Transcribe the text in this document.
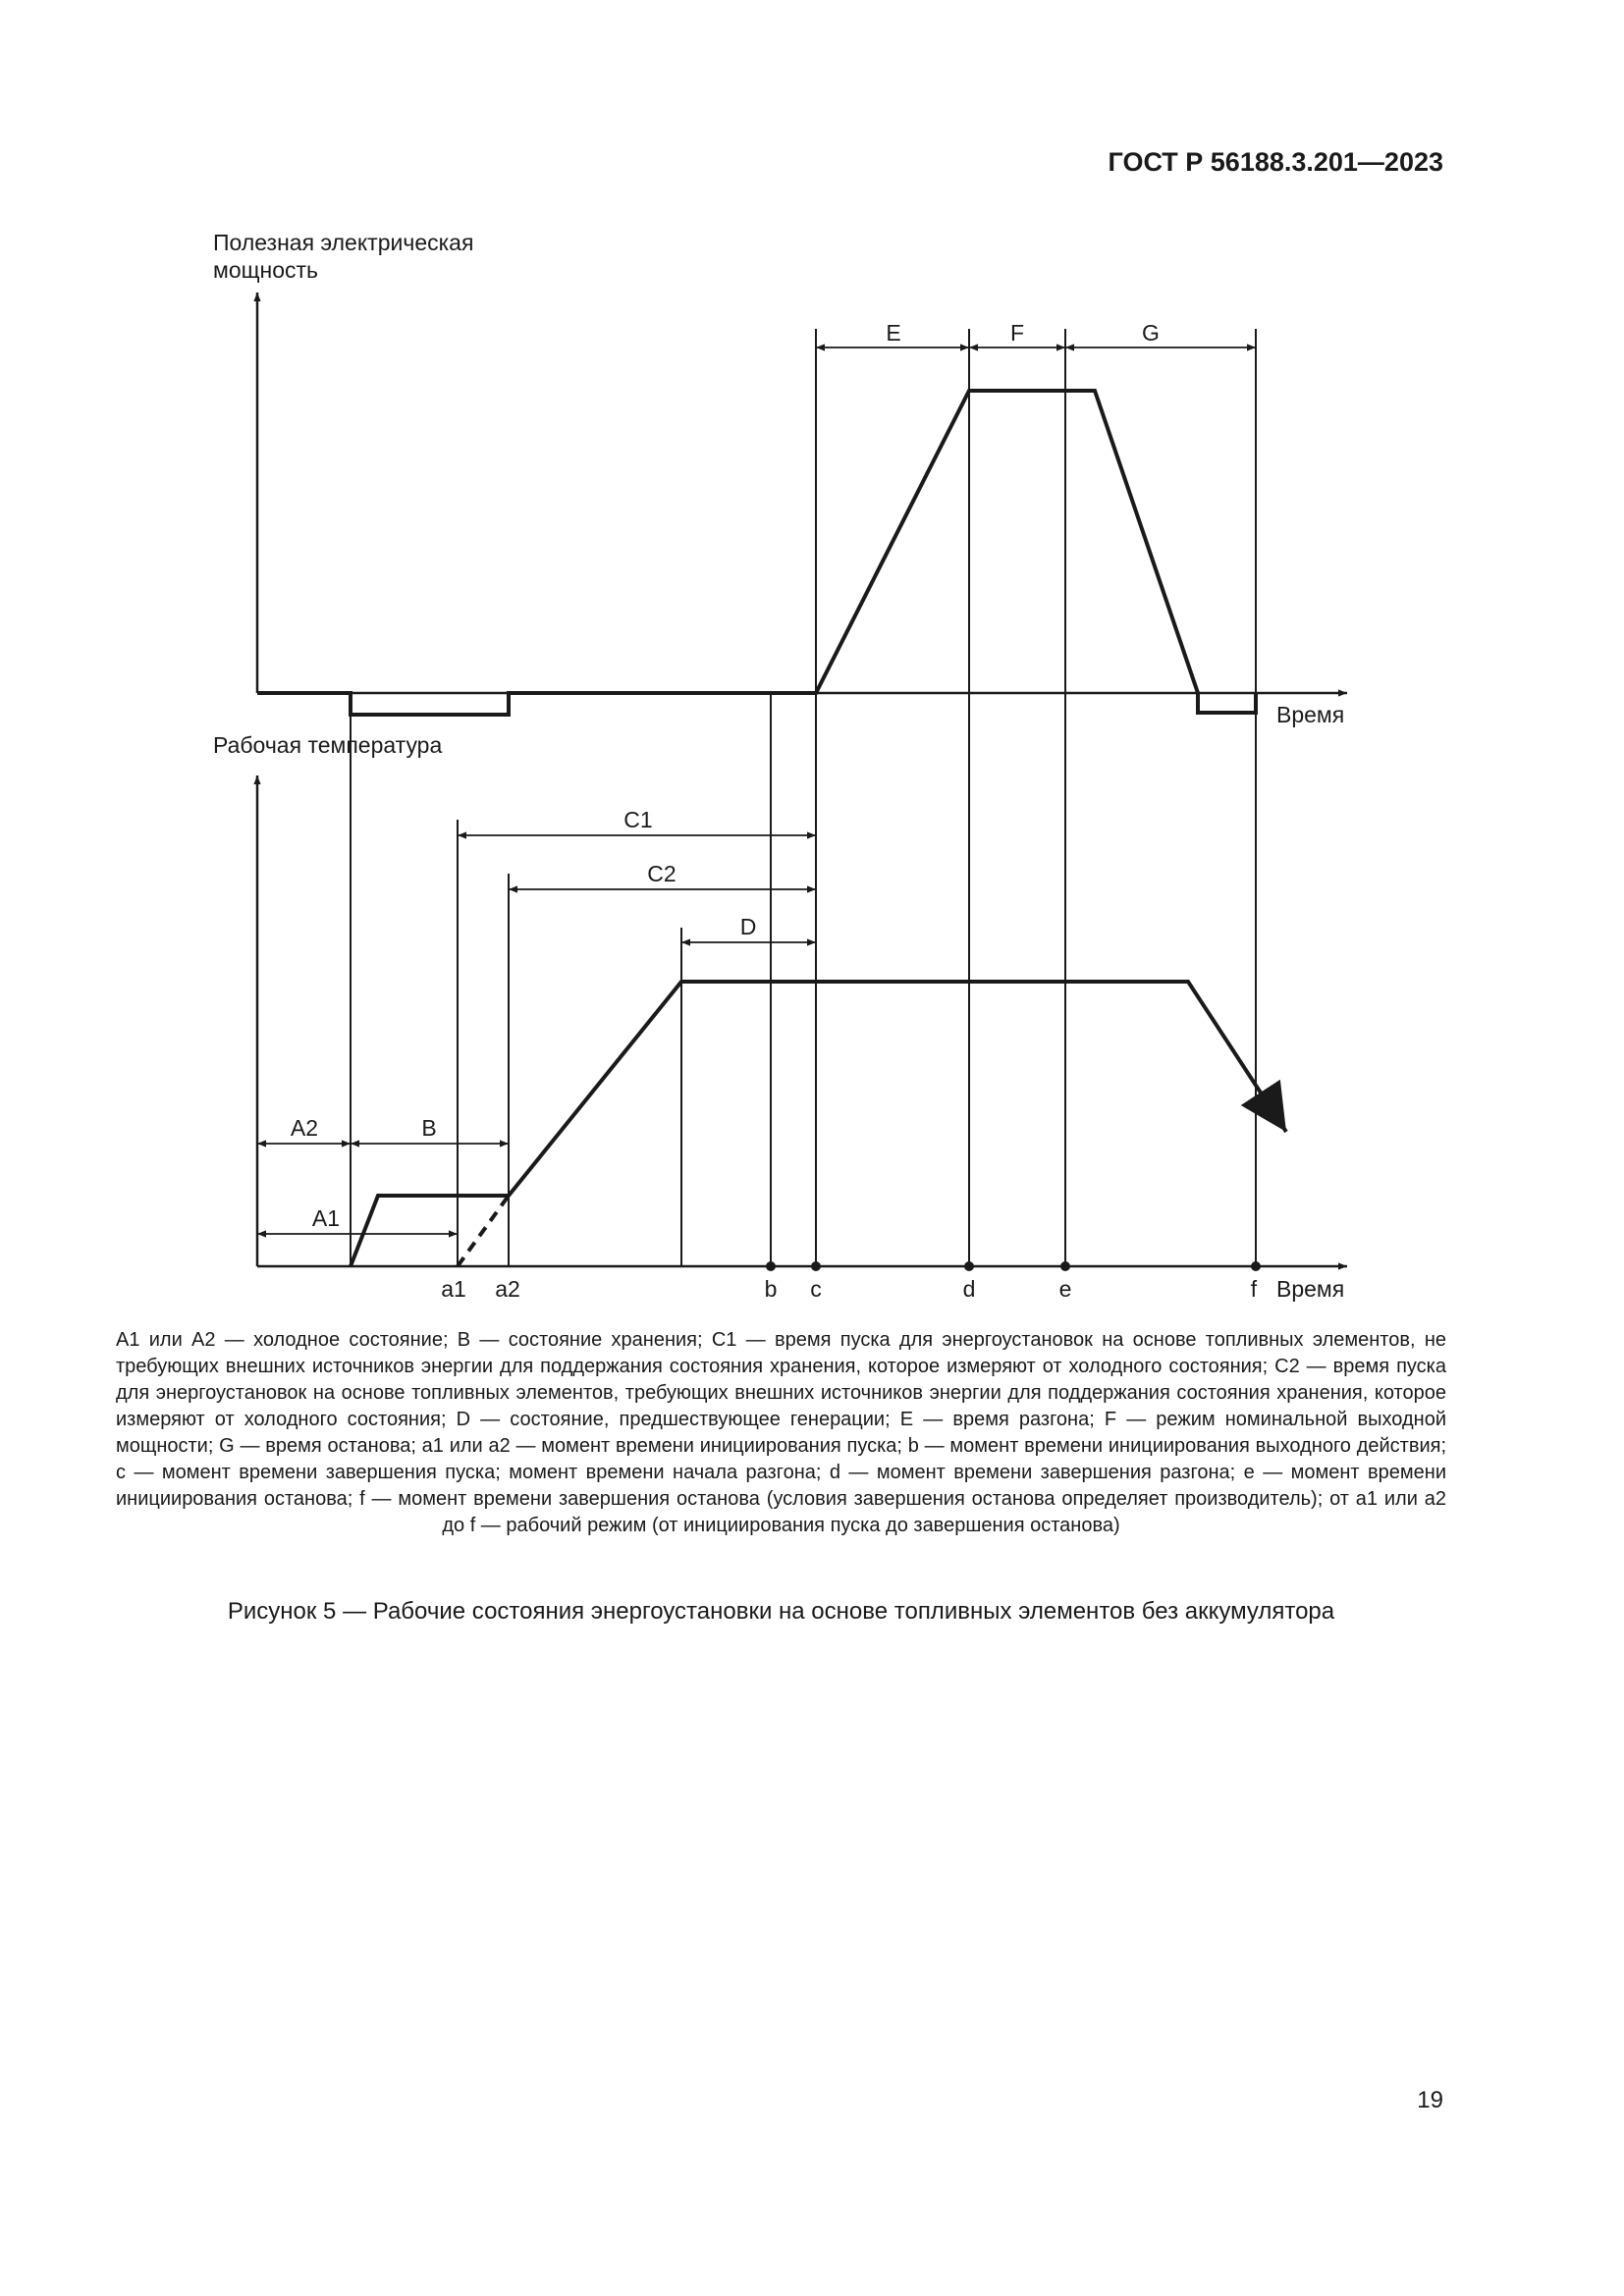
ГОСТ Р 56188.3.201—2023
Полезная электрическая
мощность
Рабочая температура
Время
Время
E	F	G
C1
C2
D
A2	B
A1
a1 a2	b c	d	e	f
A1 или A2 — холодное состояние; B — состояние хранения; C1 — время пуска для энергоустановок на основе топливных элементов, не требующих внешних источников энергии для поддержания состояния хранения, которое измеряют от холодного состояния; C2 — время пуска для энергоустановок на основе топливных элементов, требующих внешних источников энергии для поддержания состояния хранения, которое измеряют от холодного состояния; D — состояние, предшествующее генерации; E — время разгона; F — режим номинальной выходной мощности; G — время останова; a1 или a2 — момент времени инициирования пуска; b — момент времени инициирования выходного действия; c — момент времени завершения пуска; момент времени начала разгона; d — момент времени завершения разгона; e — момент времени инициирования останова; f — момент времени завершения останова (условия завершения останова определяет производитель); от a1 или a2 до f — рабочий режим (от инициирования пуска до завершения останова)
Рисунок 5 — Рабочие состояния энергоустановки на основе топливных элементов без аккумулятора
19
